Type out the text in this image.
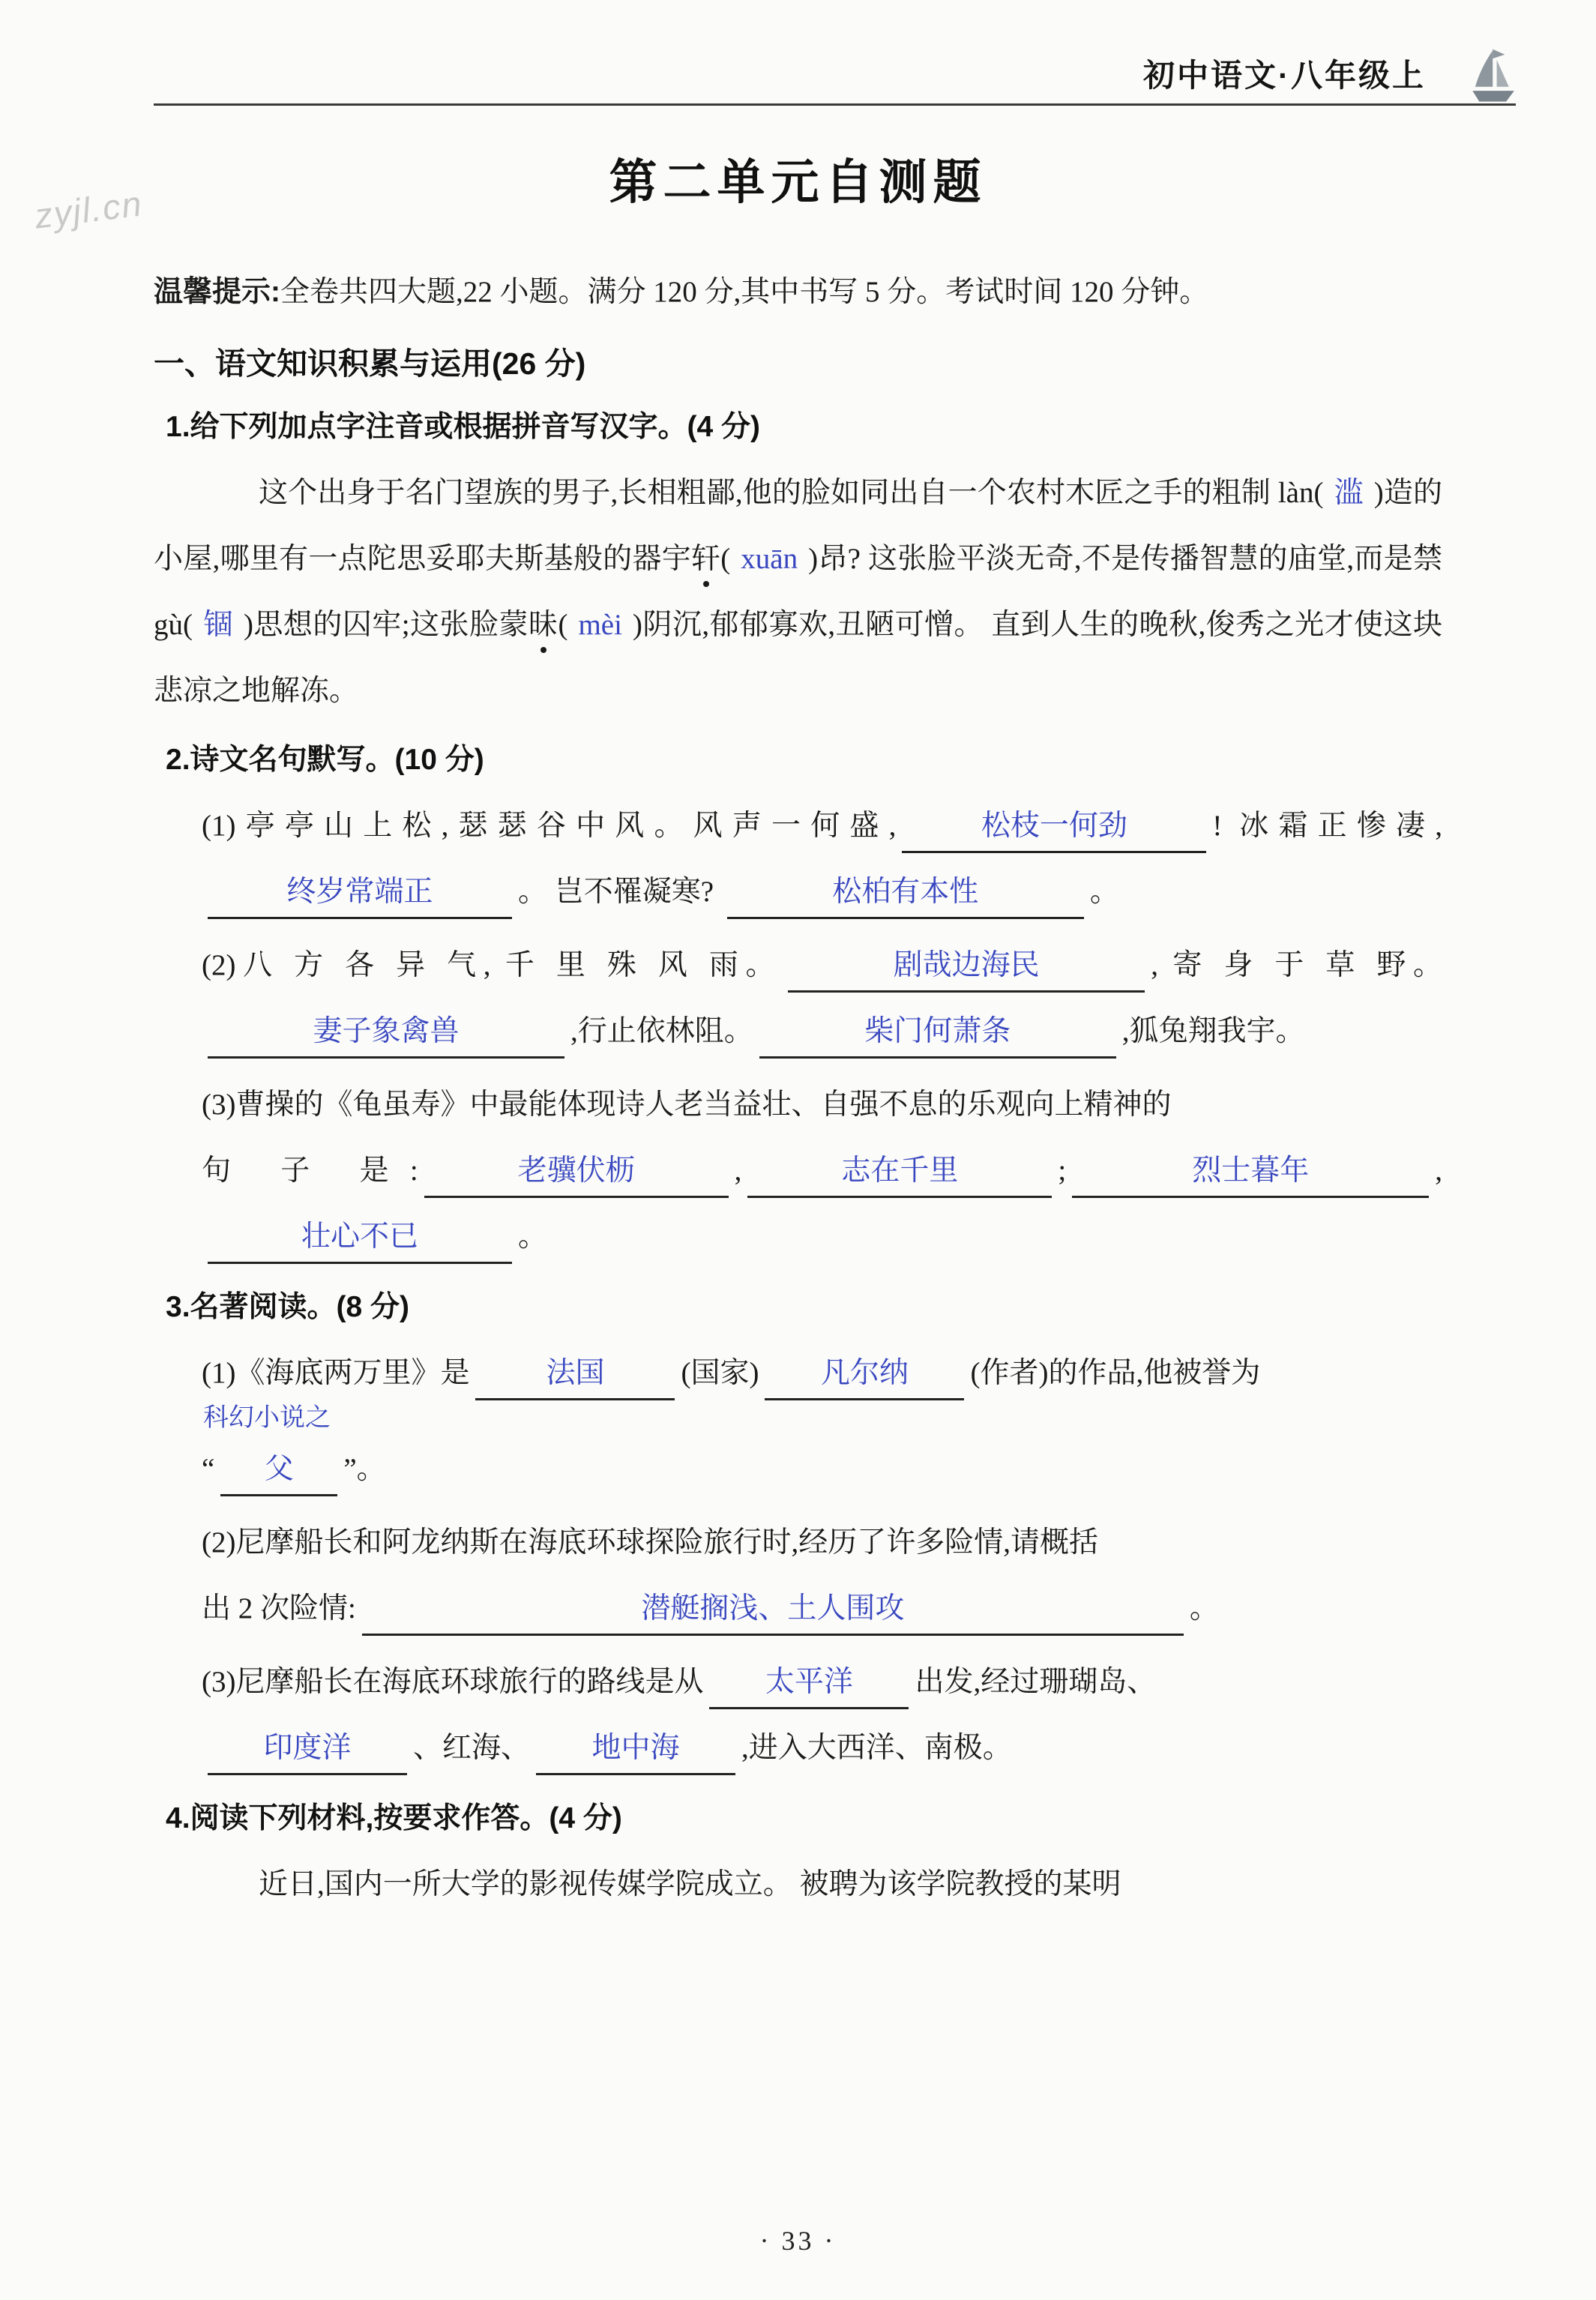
zyjl.cn
初中语文·八年级上
第二单元自测题

温馨提示:全卷共四大题,22 小题。满分 120 分,其中书写 5 分。考试时间 120 分钟。

一、语文知识积累与运用(26 分)
1.给下列加点字注音或根据拼音写汉字。(4 分)

这个出身于名门望族的男子,长相粗鄙,他的脸如同出自一个农村木匠之手的粗制 làn( 滥 )造的小屋,哪里有一点陀思妥耶夫斯基般的器宇轩( xuān )昂? 这张脸平淡无奇,不是传播智慧的庙堂,而是禁 gù( 锢 )思想的囚牢;这张脸蒙昧( mèi )阴沉,郁郁寡欢,丑陋可憎。 直到人生的晚秋,俊秀之光才使这块悲凉之地解冻。

2.诗文名句默写。(10 分)

(1)亭亭山上松,瑟瑟谷中风。风声一何盛,	松枝一何劲	! 冰霜正惨凄,终岁常端正	。 岂不罹凝寒?	松柏有本性	。

(2)八 方 各 异 气, 千 里 殊 风 雨。	剧哉边海民	, 寄 身 于 草 野。妻子象禽兽	,行止依林阻。	柴门何萧条	,狐兔翔我宇。

(3)曹操的《龟虽寿》中最能体现诗人老当益壮、自强不息的乐观向上精神的
句 子 是:	老骥伏枥	,	志在千里	;	烈士暮年	,壮心不已	。

3.名著阅读。(8 分)
(1)《海底两万里》是	法国	(国家) 凡尔纳 (作者)的作品,他被誉为
科幻小说之
“ 父 ”。

(2)尼摩船长和阿龙纳斯在海底环球探险旅行时,经历了许多险情,请概括
出 2 次险情:	潜艇搁浅、土人围攻	。

(3)尼摩船长在海底环球旅行的路线是从 太平洋 出发,经过珊瑚岛、
印度洋 、红海、 地中海 ,进入大西洋、南极。

4.阅读下列材料,按要求作答。(4 分)

近日,国内一所大学的影视传媒学院成立。 被聘为该学院教授的某明

· 33 ·
